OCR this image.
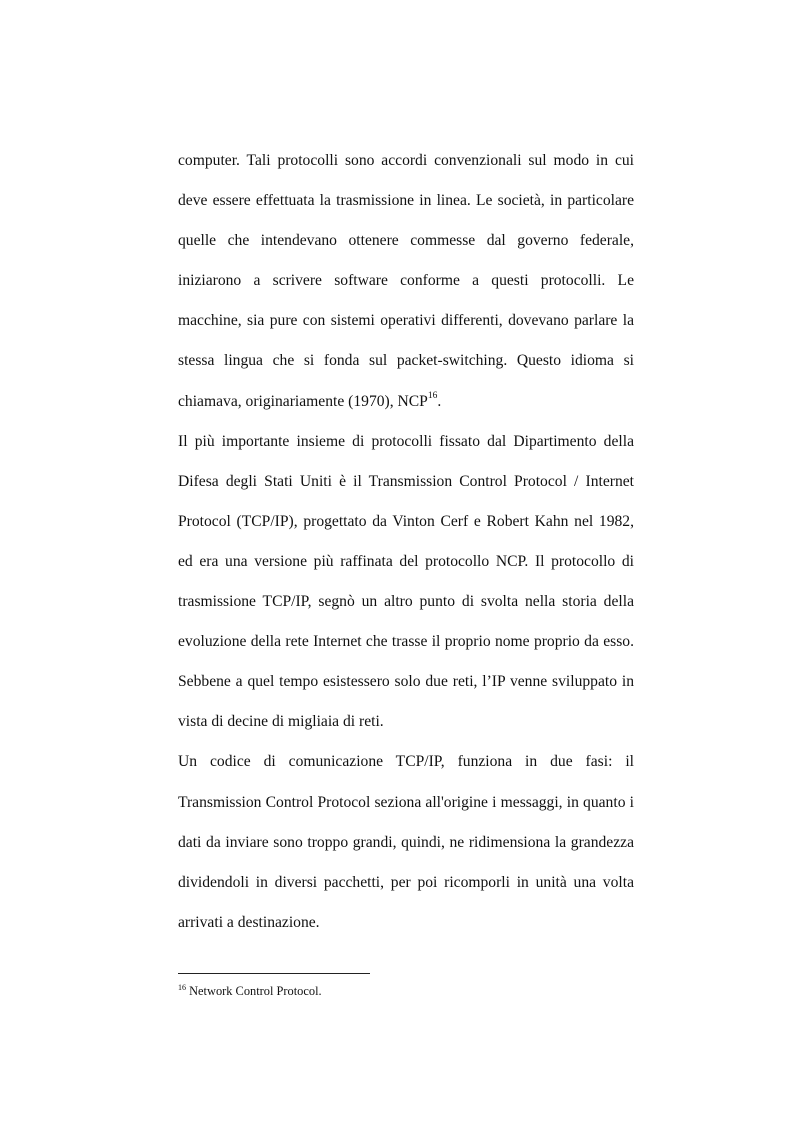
computer. Tali protocolli sono accordi convenzionali sul modo in cui deve essere effettuata la trasmissione in linea. Le società, in particolare quelle che intendevano ottenere commesse dal governo federale, iniziarono a scrivere software conforme a questi protocolli. Le macchine, sia pure con sistemi operativi differenti, dovevano parlare la stessa lingua che si fonda sul packet-switching. Questo idioma si chiamava, originariamente (1970), NCP$^{16}$.

Il più importante insieme di protocolli fissato dal Dipartimento della Difesa degli Stati Uniti è il Transmission Control Protocol / Internet Protocol (TCP/IP), progettato da Vinton Cerf e Robert Kahn nel 1982, ed era una versione più raffinata del protocollo NCP. Il protocollo di trasmissione TCP/IP, segnò un altro punto di svolta nella storia della evoluzione della rete Internet che trasse il proprio nome proprio da esso. Sebbene a quel tempo esistessero solo due reti, l’IP venne sviluppato in vista di decine di migliaia di reti.

Un codice di comunicazione TCP/IP, funziona in due fasi: il Transmission Control Protocol seziona all'origine i messaggi, in quanto i dati da inviare sono troppo grandi, quindi, ne ridimensiona la grandezza dividendoli in diversi pacchetti, per poi ricomporli in unità una volta arrivati a destinazione.

$^{16}$ Network Control Protocol.
